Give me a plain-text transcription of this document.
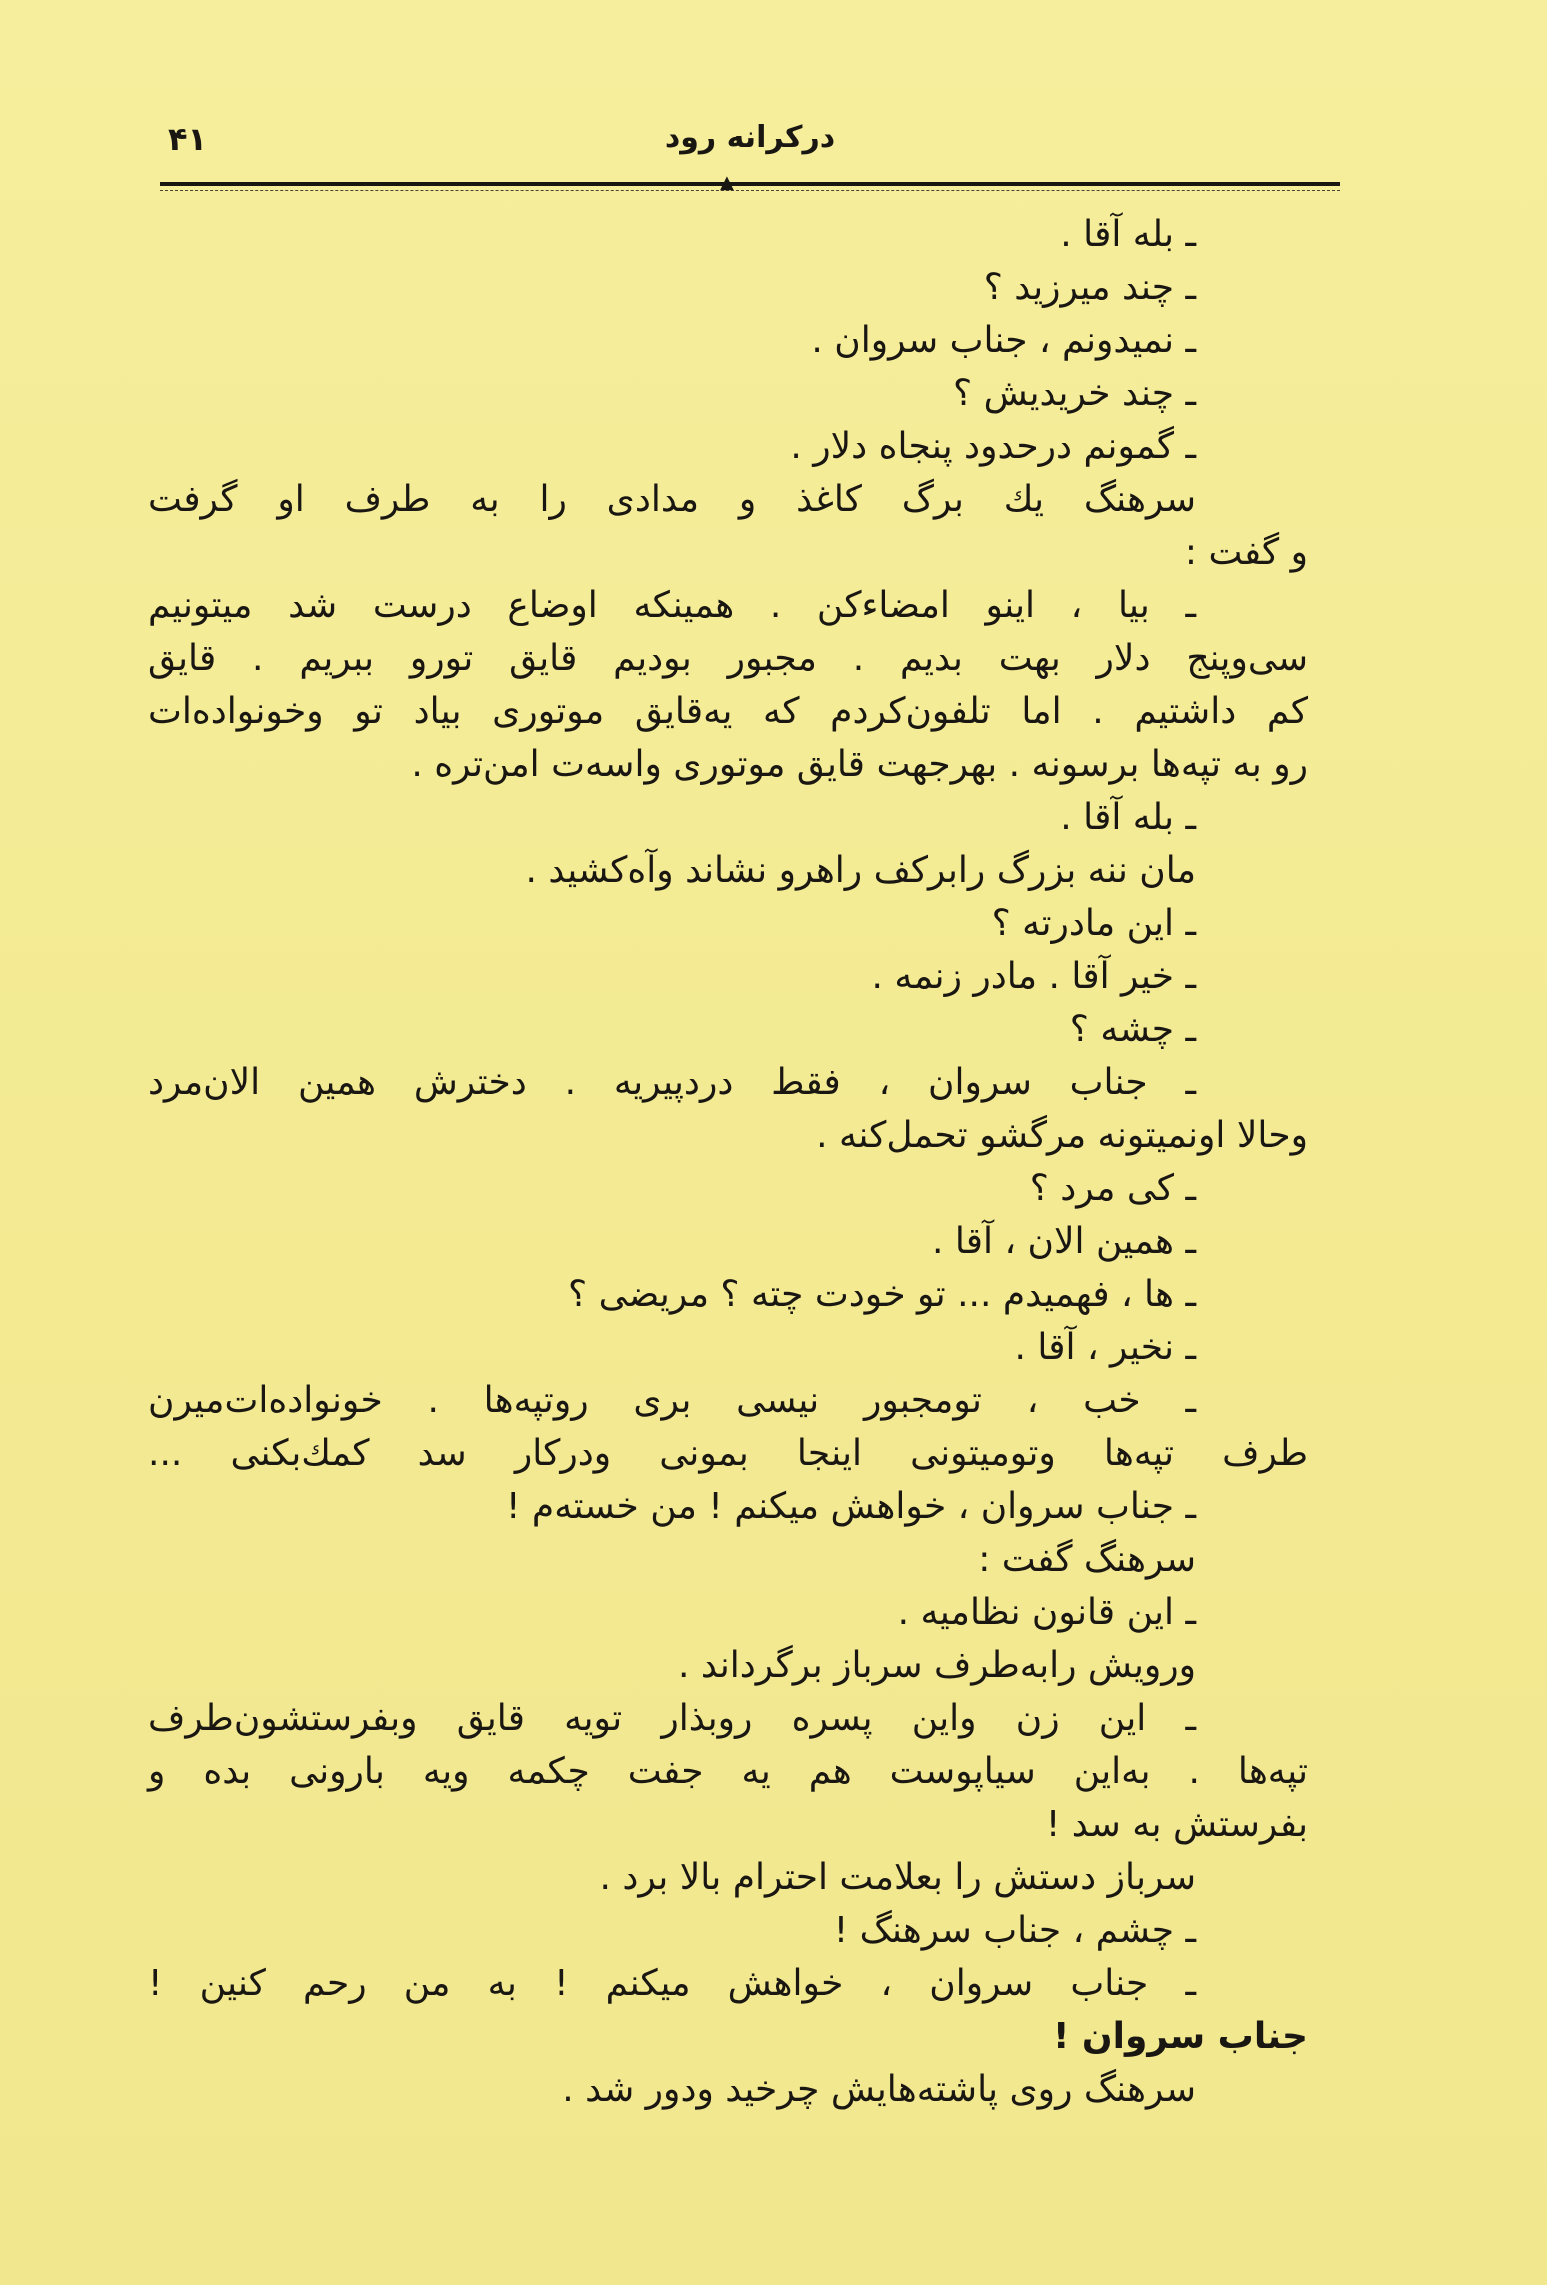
۴۱	درکرانه رود
▲
ـ بله آقا .
ـ چند میرزید ؟
ـ نمیدونم ، جناب سروان .
ـ چند خریدیش ؟
ـ گمونم درحدود پنجاه دلار .
سرهنگ یك برگ کاغذ و مدادی را به طرف او گرفت
و گفت :
ـ بیا ، اینو امضاءکن . همینکه اوضاع درست شد میتونیم
سی‌وپنج دلار بهت بدیم . مجبور بودیم قایق تورو ببریم . قایق
کم داشتیم . اما تلفون‌کردم که یه‌قایق موتوری بیاد تو وخونواده‌ات
رو به تپه‌ها برسونه . بهرجهت قایق موتوری واسه‌ت امن‌تره .
ـ بله آقا .
مان ننه بزرگ رابرکف راهرو نشاند وآه‌کشید .
ـ این مادرته ؟
ـ خیر آقا . مادر زنمه .
ـ چشه ؟
ـ جناب سروان ، فقط دردپیریه . دخترش همین الان‌مرد
وحالا اونمیتونه مرگشو تحمل‌کنه .
ـ کی مرد ؟
ـ همین الان ، آقا .
ـ ها ، فهمیدم ... تو خودت چته ؟ مریضی ؟
ـ نخیر ، آقا .
ـ خب ، تومجبور نیسی بری روتپه‌ها . خونواده‌ات‌میرن
طرف تپه‌ها وتومیتونی اینجا بمونی ودرکار سد کمك‌بکنی ...
ـ جناب سروان ، خواهش میکنم ! من خسته‌م !
سرهنگ گفت :
ـ این قانون نظامیه .
ورویش رابه‌طرف سرباز برگرداند .
ـ این زن واین پسره روبذار تویه قایق وبفرستشون‌طرف
تپه‌ها . به‌این سیاپوست هم یه جفت چکمه ویه بارونی بده و
بفرستش به سد !
سرباز دستش را بعلامت احترام بالا برد .
ـ چشم ، جناب سرهنگ !
ـ جناب سروان ، خواهش میکنم ! به من رحم کنین !
جناب سروان !
سرهنگ روی پاشته‌هایش چرخید ودور شد .
